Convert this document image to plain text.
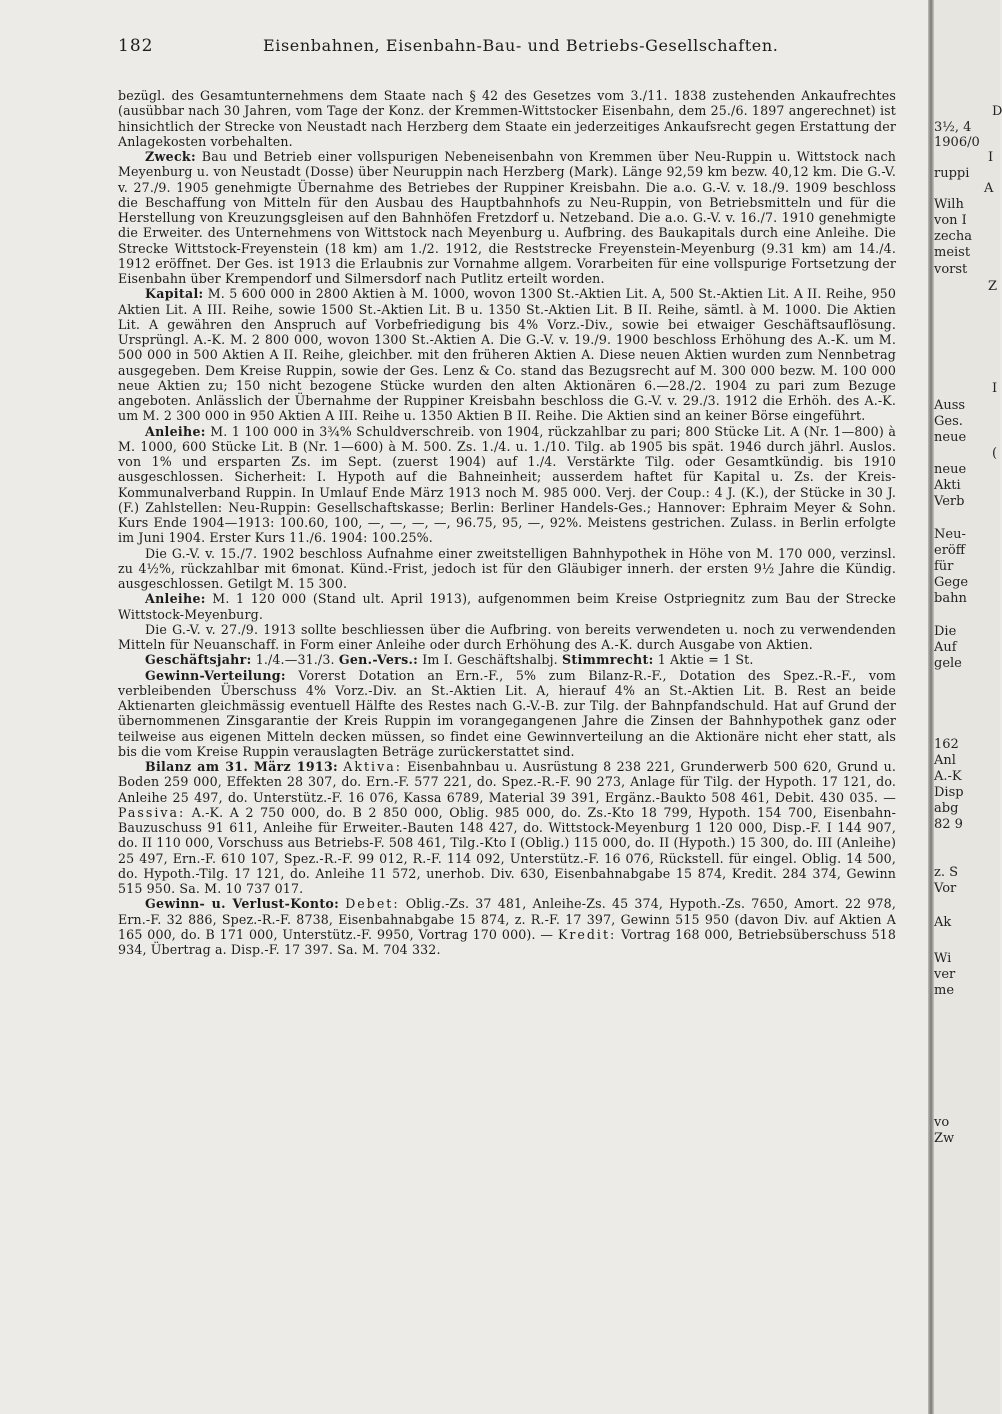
182	Eisenbahnen, Eisenbahn-Bau- und Betriebs-Gesellschaften.

bezügl. des Gesamtunternehmens dem Staate nach § 42 des Gesetzes vom 3./11. 1838 zustehenden Ankaufrechtes (ausübbar nach 30 Jahren, vom Tage der Konz. der Kremmen-Wittstocker Eisenbahn, dem 25./6. 1897 angerechnet) ist hinsichtlich der Strecke von Neustadt nach Herzberg dem Staate ein jederzeitiges Ankaufsrecht gegen Erstattung der Anlagekosten vorbehalten.

Zweck: Bau und Betrieb einer vollspurigen Nebeneisenbahn von Kremmen über Neu-Ruppin u. Wittstock nach Meyenburg u. von Neustadt (Dosse) über Neuruppin nach Herzberg (Mark). Länge 92,59 km bezw. 40,12 km. Die G.-V. v. 27./9. 1905 genehmigte Übernahme des Betriebes der Ruppiner Kreisbahn. Die a.o. G.-V. v. 18./9. 1909 beschloss die Beschaffung von Mitteln für den Ausbau des Hauptbahnhofs zu Neu-Ruppin, von Betriebsmitteln und für die Herstellung von Kreuzungsgleisen auf den Bahnhöfen Fretzdorf u. Netzeband. Die a.o. G.-V. v. 16./7. 1910 genehmigte die Erweiter. des Unternehmens von Wittstock nach Meyenburg u. Aufbring. des Baukapitals durch eine Anleihe. Die Strecke Wittstock-Freyenstein (18 km) am 1./2. 1912, die Reststrecke Freyenstein-Meyenburg (9.31 km) am 14./4. 1912 eröffnet. Der Ges. ist 1913 die Erlaubnis zur Vornahme allgem. Vorarbeiten für eine vollspurige Fortsetzung der Eisenbahn über Krempendorf und Silmersdorf nach Putlitz erteilt worden.

Kapital: M. 5 600 000 in 2800 Aktien à M. 1000, wovon 1300 St.-Aktien Lit. A, 500 St.-Aktien Lit. A II. Reihe, 950 Aktien Lit. A III. Reihe, sowie 1500 St.-Aktien Lit. B u. 1350 St.-Aktien Lit. B II. Reihe, sämtl. à M. 1000. Die Aktien Lit. A gewähren den Anspruch auf Vorbefriedigung bis 4% Vorz.-Div., sowie bei etwaiger Geschäftsauflösung. Ursprüngl. A.-K. M. 2 800 000, wovon 1300 St.-Aktien A. Die G.-V. v. 19./9. 1900 beschloss Erhöhung des A.-K. um M. 500 000 in 500 Aktien A II. Reihe, gleichber. mit den früheren Aktien A. Diese neuen Aktien wurden zum Nennbetrag ausgegeben. Dem Kreise Ruppin, sowie der Ges. Lenz & Co. stand das Bezugsrecht auf M. 300 000 bezw. M. 100 000 neue Aktien zu; 150 nicht bezogene Stücke wurden den alten Aktionären 6.—28./2. 1904 zu pari zum Bezuge angeboten. Anlässlich der Übernahme der Ruppiner Kreisbahn beschloss die G.-V. v. 29./3. 1912 die Erhöh. des A.-K. um M. 2 300 000 in 950 Aktien A III. Reihe u. 1350 Aktien B II. Reihe. Die Aktien sind an keiner Börse eingeführt.

Anleihe: M. 1 100 000 in 3¾% Schuldverschreib. von 1904, rückzahlbar zu pari; 800 Stücke Lit. A (Nr. 1—800) à M. 1000, 600 Stücke Lit. B (Nr. 1—600) à M. 500. Zs. 1./4. u. 1./10. Tilg. ab 1905 bis spät. 1946 durch jährl. Auslos. von 1% und ersparten Zs. im Sept. (zuerst 1904) auf 1./4. Verstärkte Tilg. oder Gesamtkündig. bis 1910 ausgeschlossen. Sicherheit: I. Hypoth auf die Bahneinheit; ausserdem haftet für Kapital u. Zs. der Kreis-Kommunalverband Ruppin. In Umlauf Ende März 1913 noch M. 985 000. Verj. der Coup.: 4 J. (K.), der Stücke in 30 J. (F.) Zahlstellen: Neu-Ruppin: Gesellschaftskasse; Berlin: Berliner Handels-Ges.; Hannover: Ephraim Meyer & Sohn. Kurs Ende 1904—1913: 100.60, 100, —, —, —, —, 96.75, 95, —, 92%. Meistens gestrichen. Zulass. in Berlin erfolgte im Juni 1904. Erster Kurs 11./6. 1904: 100.25%.

Die G.-V. v. 15./7. 1902 beschloss Aufnahme einer zweitstelligen Bahnhypothek in Höhe von M. 170 000, verzinsl. zu 4½%, rückzahlbar mit 6monat. Künd.-Frist, jedoch ist für den Gläubiger innerh. der ersten 9½ Jahre die Kündig. ausgeschlossen. Getilgt M. 15 300.

Anleihe: M. 1 120 000 (Stand ult. April 1913), aufgenommen beim Kreise Ostpriegnitz zum Bau der Strecke Wittstock-Meyenburg.

Die G.-V. v. 27./9. 1913 sollte beschliessen über die Aufbring. von bereits verwendeten u. noch zu verwendenden Mitteln für Neuanschaff. in Form einer Anleihe oder durch Erhöhung des A.-K. durch Ausgabe von Aktien.

Geschäftsjahr: 1./4.—31./3. Gen.-Vers.: Im I. Geschäftshalbj. Stimmrecht: 1 Aktie = 1 St.

Gewinn-Verteilung: Vorerst Dotation an Ern.-F., 5% zum Bilanz-R.-F., Dotation des Spez.-R.-F., vom verbleibenden Überschuss 4% Vorz.-Div. an St.-Aktien Lit. A, hierauf 4% an St.-Aktien Lit. B. Rest an beide Aktienarten gleichmässig eventuell Hälfte des Restes nach G.-V.-B. zur Tilg. der Bahnpfandschuld. Hat auf Grund der übernommenen Zinsgarantie der Kreis Ruppin im vorangegangenen Jahre die Zinsen der Bahnhypothek ganz oder teilweise aus eigenen Mitteln decken müssen, so findet eine Gewinnverteilung an die Aktionäre nicht eher statt, als bis die vom Kreise Ruppin verauslagten Beträge zurückerstattet sind.

Bilanz am 31. März 1913: Aktiva: Eisenbahnbau u. Ausrüstung 8 238 221, Grunderwerb 500 620, Grund u. Boden 259 000, Effekten 28 307, do. Ern.-F. 577 221, do. Spez.-R.-F. 90 273, Anlage für Tilg. der Hypoth. 17 121, do. Anleihe 25 497, do. Unterstütz.-F. 16 076, Kassa 6789, Material 39 391, Ergänz.-Baukto 508 461, Debit. 430 035. — Passiva: A.-K. A 2 750 000, do. B 2 850 000, Oblig. 985 000, do. Zs.-Kto 18 799, Hypoth. 154 700, Eisenbahn-Bauzuschuss 91 611, Anleihe für Erweiter.-Bauten 148 427, do. Wittstock-Meyenburg 1 120 000, Disp.-F. I 144 907, do. II 110 000, Vorschuss aus Betriebs-F. 508 461, Tilg.-Kto I (Oblig.) 115 000, do. II (Hypoth.) 15 300, do. III (Anleihe) 25 497, Ern.-F. 610 107, Spez.-R.-F. 99 012, R.-F. 114 092, Unterstütz.-F. 16 076, Rückstell. für eingel. Oblig. 14 500, do. Hypoth.-Tilg. 17 121, do. Anleihe 11 572, unerhob. Div. 630, Eisenbahnabgabe 15 874, Kredit. 284 374, Gewinn 515 950. Sa. M. 10 737 017.

Gewinn- u. Verlust-Konto: Debet: Oblig.-Zs. 37 481, Anleihe-Zs. 45 374, Hypoth.-Zs. 7650, Amort. 22 978, Ern.-F. 32 886, Spez.-R.-F. 8738, Eisenbahnabgabe 15 874, z. R.-F. 17 397, Gewinn 515 950 (davon Div. auf Aktien A 165 000, do. B 171 000, Unterstütz.-F. 9950, Vortrag 170 000). — Kredit: Vortrag 168 000, Betriebsüberschuss 518 934, Übertrag a. Disp.-F. 17 397. Sa. M. 704 332.

D
3½, 4
1906/0
I
ruppi
A
Wilh
von I
zecha
meist
vorst
Z
I
Auss
Ges.
neue
(
neue
Akti
Verb
Neu-
eröff
für
Gege
bahn
Die
Auf
gele
162
Anl
A.-K
Disp
abg
82 9
z. S
Vor
Ak
Wi
ver
me
vo
Zw
